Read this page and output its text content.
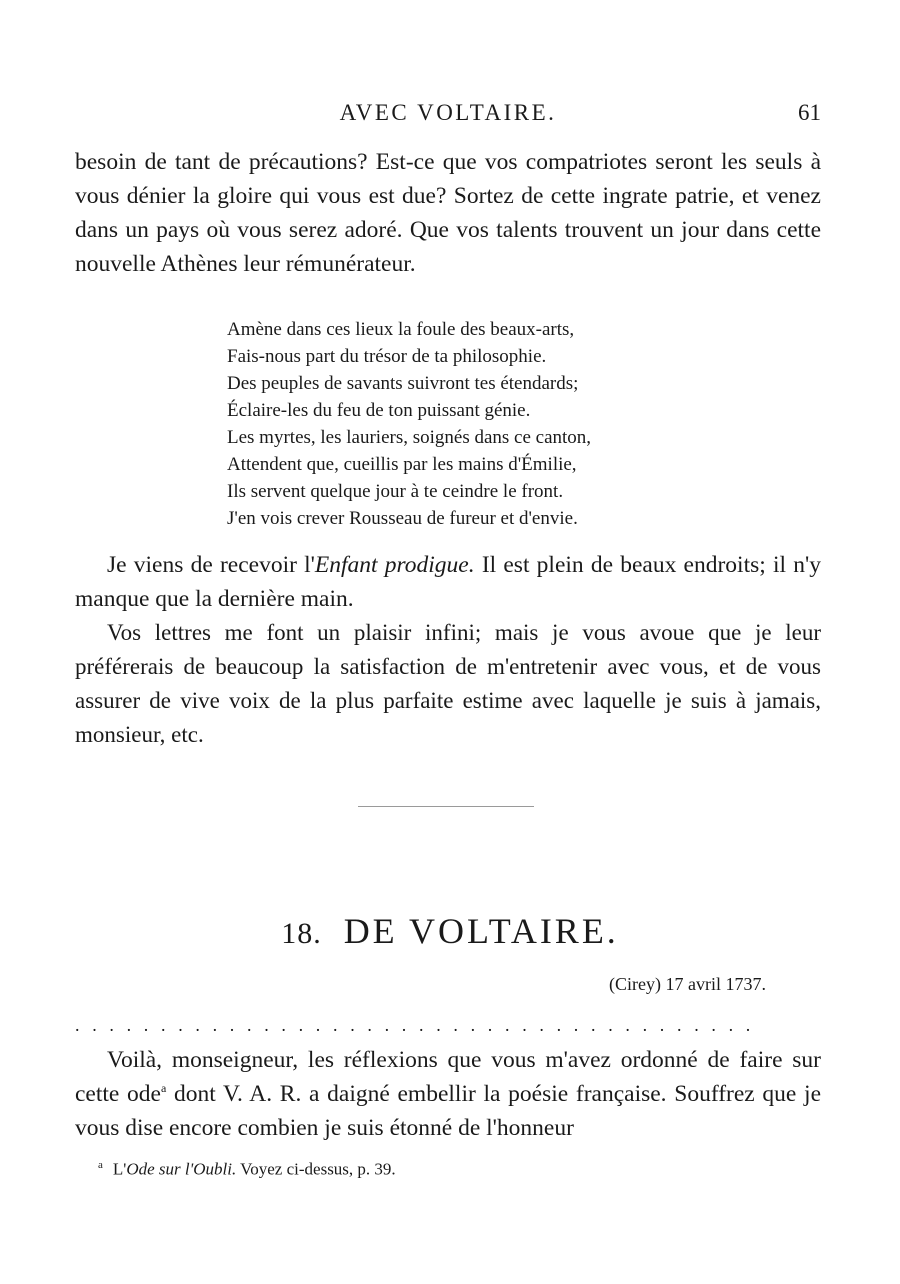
AVEC VOLTAIRE.	61

besoin de tant de précautions? Est-ce que vos compatriotes seront les seuls à vous dénier la gloire qui vous est due? Sortez de cette ingrate patrie, et venez dans un pays où vous serez adoré. Que vos talents trouvent un jour dans cette nouvelle Athènes leur rémunérateur.

Amène dans ces lieux la foule des beaux-arts,
Fais-nous part du trésor de ta philosophie.
Des peuples de savants suivront tes étendards;
Éclaire-les du feu de ton puissant génie.
Les myrtes, les lauriers, soignés dans ce canton,
Attendent que, cueillis par les mains d'Émilie,
Ils servent quelque jour à te ceindre le front.
J'en vois crever Rousseau de fureur et d'envie.

Je viens de recevoir l'Enfant prodigue. Il est plein de beaux endroits; il n'y manque que la dernière main.

Vos lettres me font un plaisir infini; mais je vous avoue que je leur préférerais de beaucoup la satisfaction de m'entretenir avec vous, et de vous assurer de vive voix de la plus parfaite estime avec laquelle je suis à jamais, monsieur, etc.

18. DE VOLTAIRE.
(Cirey) 17 avril 1737.
........................................

Voilà, monseigneur, les réflexions que vous m'avez ordonné de faire sur cette ode$^a$ dont V. A. R. a daigné embellir la poésie française. Souffrez que je vous dise encore combien je suis étonné de l'honneur

$^a$ L'Ode sur l'Oubli. Voyez ci-dessus, p. 39.
